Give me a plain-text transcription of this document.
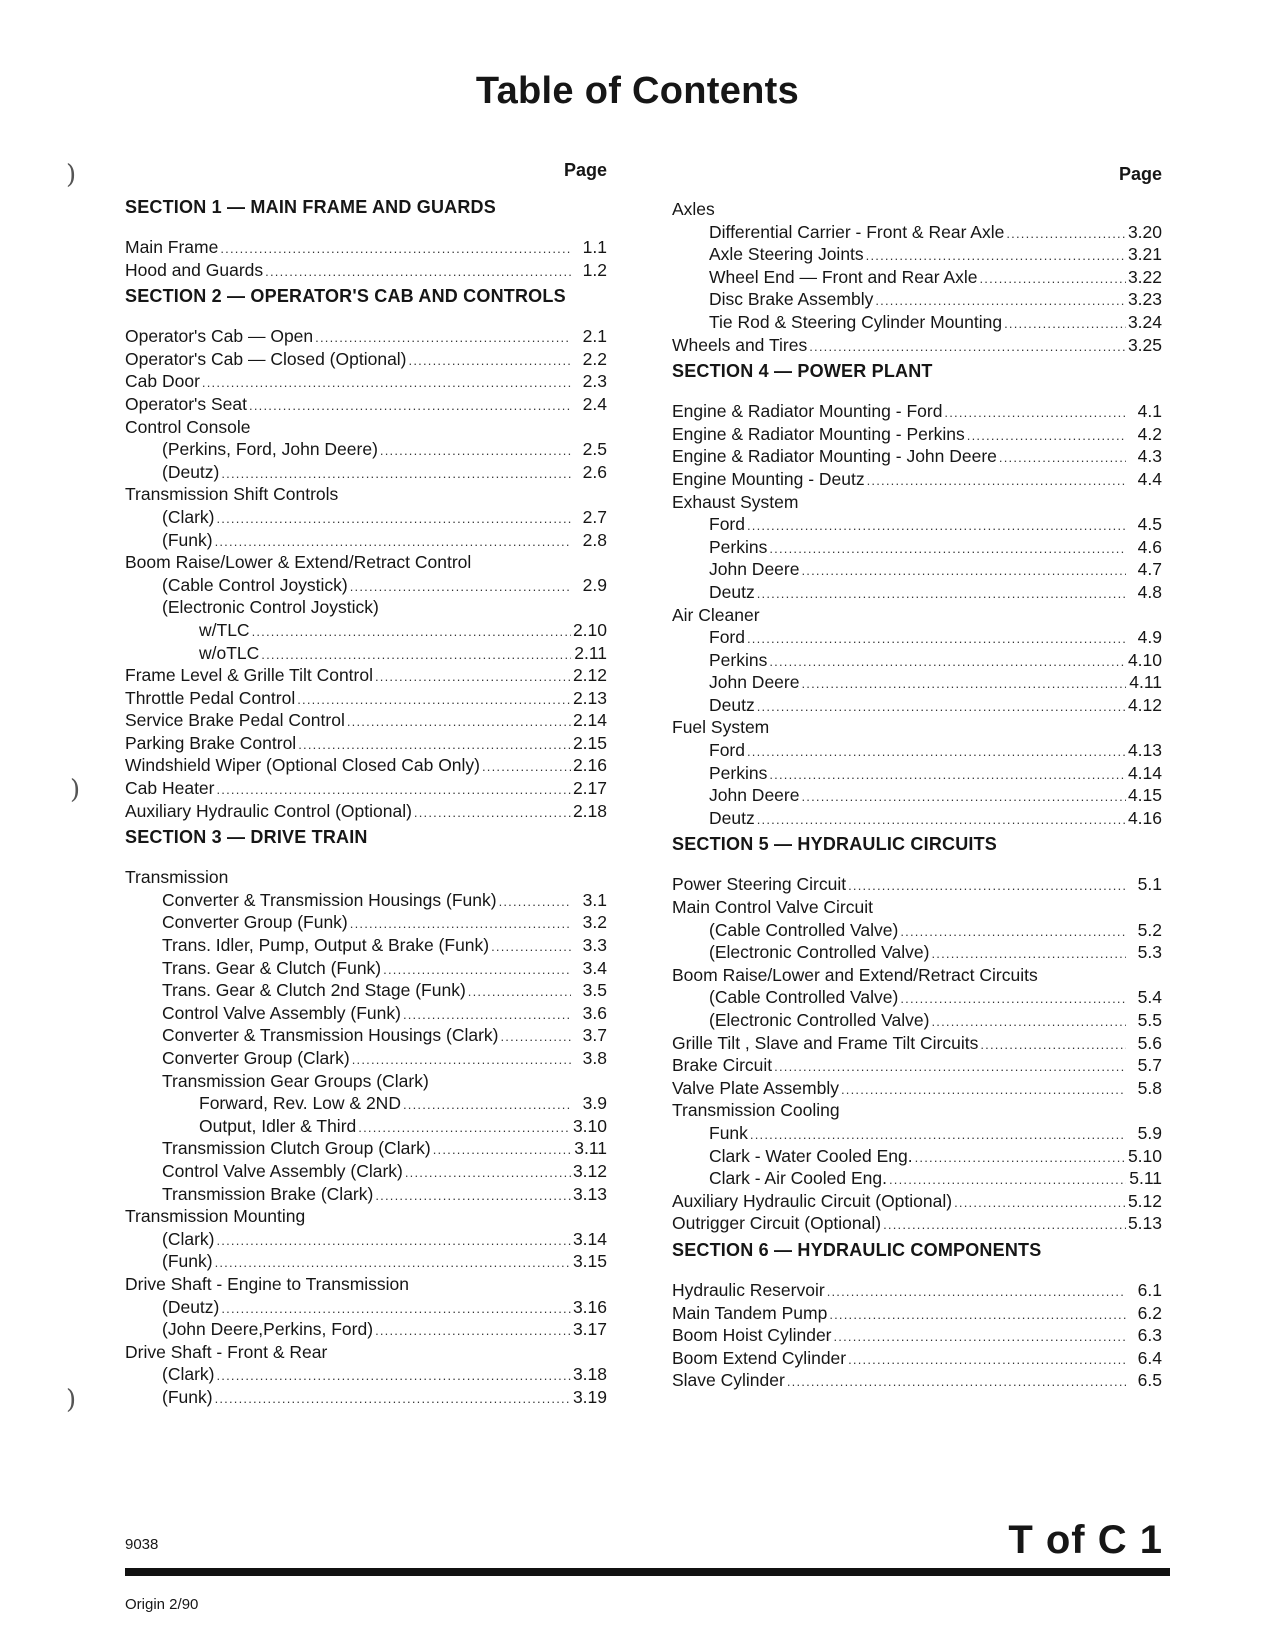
Table of Contents
Page
SECTION 1 — MAIN FRAME AND GUARDS
Main Frame .....	1.1
Hood and Guards .....	1.2
SECTION 2 — OPERATOR'S CAB AND CONTROLS
Operator's Cab — Open .....	2.1
Operator's Cab — Closed (Optional) .....	2.2
Cab Door .....	2.3
Operator's Seat .....	2.4
Control Console
(Perkins, Ford, John Deere) .....	2.5
(Deutz) .....	2.6
Transmission Shift Controls
(Clark) .....	2.7
(Funk) .....	2.8
Boom Raise/Lower & Extend/Retract Control
(Cable Control Joystick) .....	2.9
(Electronic Control Joystick)
w/TLC .....	2.10
w/oTLC .....	2.11
Frame Level & Grille Tilt Control .....	2.12
Throttle Pedal Control .....	2.13
Service Brake Pedal Control .....	2.14
Parking Brake Control .....	2.15
Windshield Wiper (Optional Closed Cab Only) .....	2.16
Cab Heater .....	2.17
Auxiliary Hydraulic Control (Optional) .....	2.18
SECTION 3 — DRIVE TRAIN
Transmission
Converter & Transmission Housings (Funk) .....	3.1
Converter Group (Funk) .....	3.2
Trans. Idler, Pump, Output & Brake (Funk) .....	3.3
Trans. Gear & Clutch (Funk) .....	3.4
Trans. Gear & Clutch 2nd Stage (Funk) .....	3.5
Control Valve Assembly (Funk) .....	3.6
Converter & Transmission Housings (Clark) .....	3.7
Converter Group (Clark) .....	3.8
Transmission Gear Groups (Clark)
Forward, Rev. Low & 2ND .....	3.9
Output, Idler & Third .....	3.10
Transmission Clutch Group (Clark) .....	3.11
Control Valve Assembly (Clark) .....	3.12
Transmission Brake (Clark) .....	3.13
Transmission Mounting
(Clark) .....	3.14
(Funk) .....	3.15
Drive Shaft - Engine to Transmission
(Deutz) .....	3.16
(John Deere,Perkins, Ford) .....	3.17
Drive Shaft - Front & Rear
(Clark) .....	3.18
(Funk) .....	3.19
Page
Axles
Differential Carrier - Front & Rear Axle .....	3.20
Axle Steering Joints .....	3.21
Wheel End — Front and Rear Axle .....	3.22
Disc Brake Assembly .....	3.23
Tie Rod & Steering Cylinder Mounting .....	3.24
Wheels and Tires .....	3.25
SECTION 4 — POWER PLANT
Engine & Radiator Mounting - Ford .....	4.1
Engine & Radiator Mounting - Perkins .....	4.2
Engine & Radiator Mounting - John Deere .....	4.3
Engine Mounting - Deutz .....	4.4
Exhaust System
Ford .....	4.5
Perkins .....	4.6
John Deere .....	4.7
Deutz .....	4.8
Air Cleaner
Ford .....	4.9
Perkins .....	4.10
John Deere .....	4.11
Deutz .....	4.12
Fuel System
Ford .....	4.13
Perkins .....	4.14
John Deere .....	4.15
Deutz .....	4.16
SECTION 5 — HYDRAULIC CIRCUITS
Power Steering Circuit .....	5.1
Main Control Valve Circuit
(Cable Controlled Valve) .....	5.2
(Electronic Controlled Valve) .....	5.3
Boom Raise/Lower and Extend/Retract Circuits
(Cable Controlled Valve) .....	5.4
(Electronic Controlled Valve) .....	5.5
Grille Tilt , Slave and Frame Tilt Circuits .....	5.6
Brake Circuit .....	5.7
Valve Plate Assembly .....	5.8
Transmission Cooling
Funk .....	5.9
Clark - Water Cooled Eng. .....	5.10
Clark - Air Cooled Eng. .....	5.11
Auxiliary Hydraulic Circuit (Optional) .....	5.12
Outrigger Circuit (Optional) .....	5.13
SECTION 6 — HYDRAULIC COMPONENTS
Hydraulic Reservoir .....	6.1
Main Tandem Pump .....	6.2
Boom Hoist Cylinder .....	6.3
Boom Extend Cylinder .....	6.4
Slave Cylinder .....	6.5
9038
Origin 2/90
T of C 1
)
)
)
